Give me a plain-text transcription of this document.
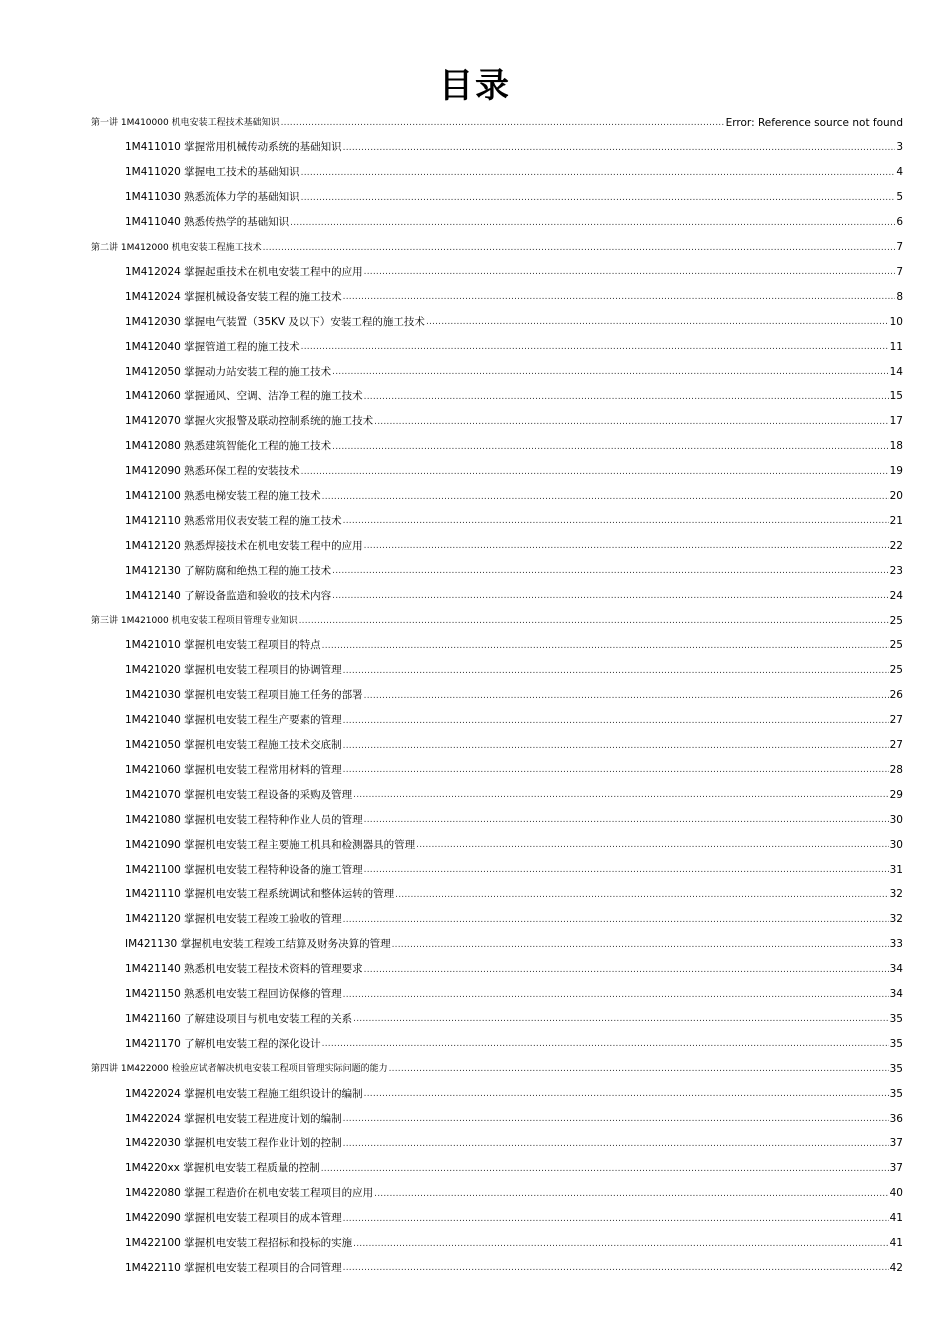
目录
第一讲 1M410000 机电安装工程技术基础知识 .....	Error: Reference source not found
1M411010 掌握常用机械传动系统的基础知识 .....	3
1M411020 掌握电工技术的基础知识 .....	4
1M411030 熟悉流体力学的基础知识 .....	5
1M411040 熟悉传热学的基础知识 .....	6
第二讲 1M412000 机电安装工程施工技术 .....	7
1M412024 掌握起重技术在机电安装工程中的应用 .....	7
1M412024 掌握机械设备安装工程的施工技术 .....	8
1M412030 掌握电气装置（35KV 及以下）安装工程的施工技术 .....	10
1M412040 掌握管道工程的施工技术 .....	11
1M412050 掌握动力站安装工程的施工技术 .....	14
1M412060 掌握通风、空调、洁净工程的施工技术 .....	15
1M412070 掌握火灾报警及联动控制系统的施工技术 .....	17
1M412080 熟悉建筑智能化工程的施工技术 .....	18
1M412090 熟悉环保工程的安装技术 .....	19
1M412100 熟悉电梯安装工程的施工技术 .....	20
1M412110 熟悉常用仪表安装工程的施工技术 .....	21
1M412120 熟悉焊接技术在机电安装工程中的应用 .....	22
1M412130 了解防腐和绝热工程的施工技术 .....	23
1M412140 了解设备监造和验收的技术内容 .....	24
第三讲 1M421000 机电安装工程项目管理专业知识 .....	25
1M421010 掌握机电安装工程项目的特点 .....	25
1M421020 掌握机电安装工程项目的协调管理 .....	25
1M421030 掌握机电安装工程项目施工任务的部署 .....	26
1M421040 掌握机电安装工程生产要素的管理 .....	27
1M421050 掌握机电安装工程施工技术交底制 .....	27
1M421060 掌握机电安装工程常用材料的管理 .....	28
1M421070 掌握机电安装工程设备的采购及管理 .....	29
1M421080 掌握机电安装工程特种作业人员的管理 .....	30
1M421090 掌握机电安装工程主要施工机具和检测器具的管理 .....	30
1M421100 掌握机电安装工程特种设备的施工管理 .....	31
1M421110 掌握机电安装工程系统调试和整体运转的管理 .....	32
1M421120 掌握机电安装工程竣工验收的管理 .....	32
IM421130 掌握机电安装工程竣工结算及财务决算的管理 .....	33
1M421140 熟悉机电安装工程技术资料的管理要求 .....	34
1M421150 熟悉机电安装工程回访保修的管理 .....	34
1M421160 了解建设项目与机电安装工程的关系 .....	35
1M421170 了解机电安装工程的深化设计 .....	35
第四讲 1M422000 检验应试者解决机电安装工程项目管理实际问题的能力 .....	35
1M422024 掌握机电安装工程施工组织设计的编制 .....	35
1M422024 掌握机电安装工程进度计划的编制 .....	36
1M422030 掌握机电安装工程作业计划的控制 .....	37
1M4220xx 掌握机电安装工程质量的控制 .....	37
1M422080 掌握工程造价在机电安装工程项目的应用 .....	40
1M422090 掌握机电安装工程项目的成本管理 .....	41
1M422100 掌握机电安装工程招标和投标的实施 .....	41
1M422110 掌握机电安装工程项目的合同管理 .....	42
